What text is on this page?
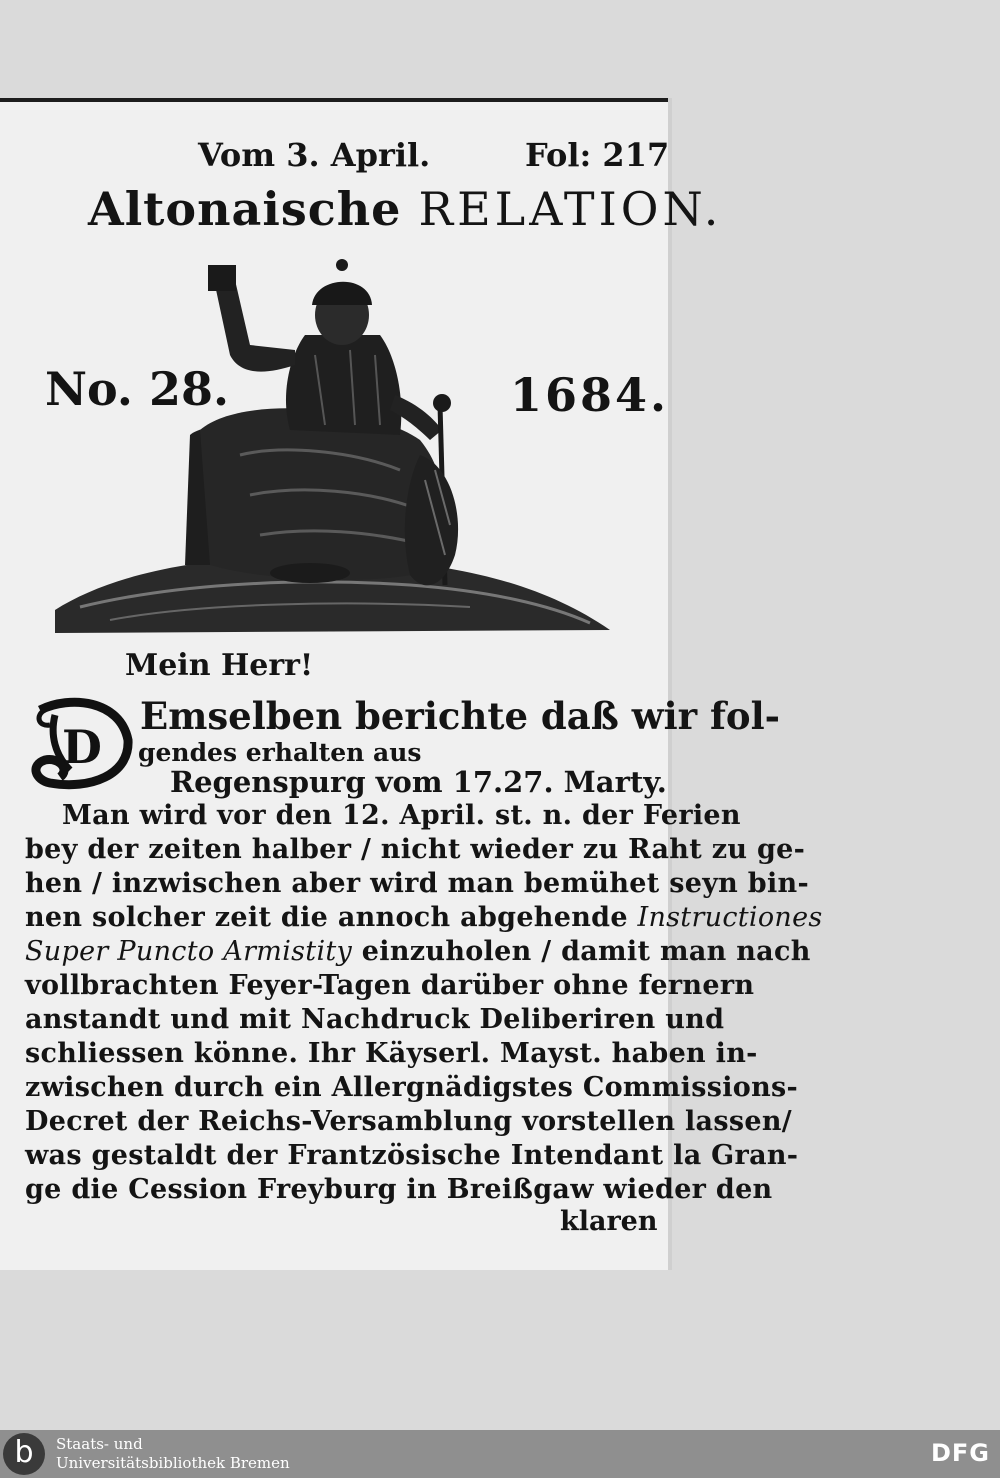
Vom 3. April.	Fol: 217
Altonaische RELATION.
No. 28.	1684.
Mein Herr!
D
Emselben berichte daß wir fol-
gendes erhalten aus
Regenspurg vom 17.27. Marty.
Man wird vor den 12. April. st. n. der Ferien
bey der zeiten halber / nicht wieder zu Raht zu ge-
hen / inzwischen aber wird man bemühet seyn bin-
nen solcher zeit die annoch abgehende Instructiones
Super Puncto Armistity einzuholen / damit man nach
vollbrachten Feyer-Tagen darüber ohne fernern
anstandt und mit Nachdruck Deliberiren und
schliessen könne. Ihr Käyserl. Mayst. haben in-
zwischen durch ein Allergnädigstes Commissions-
Decret der Reichs-Versamblung vorstellen lassen/
was gestaldt der Frantzösische Intendant la Gran-
ge die Cession Freyburg in Breißgaw wieder den
klaren
b	Staats- und
Universitätsbibliothek Bremen	DFG
